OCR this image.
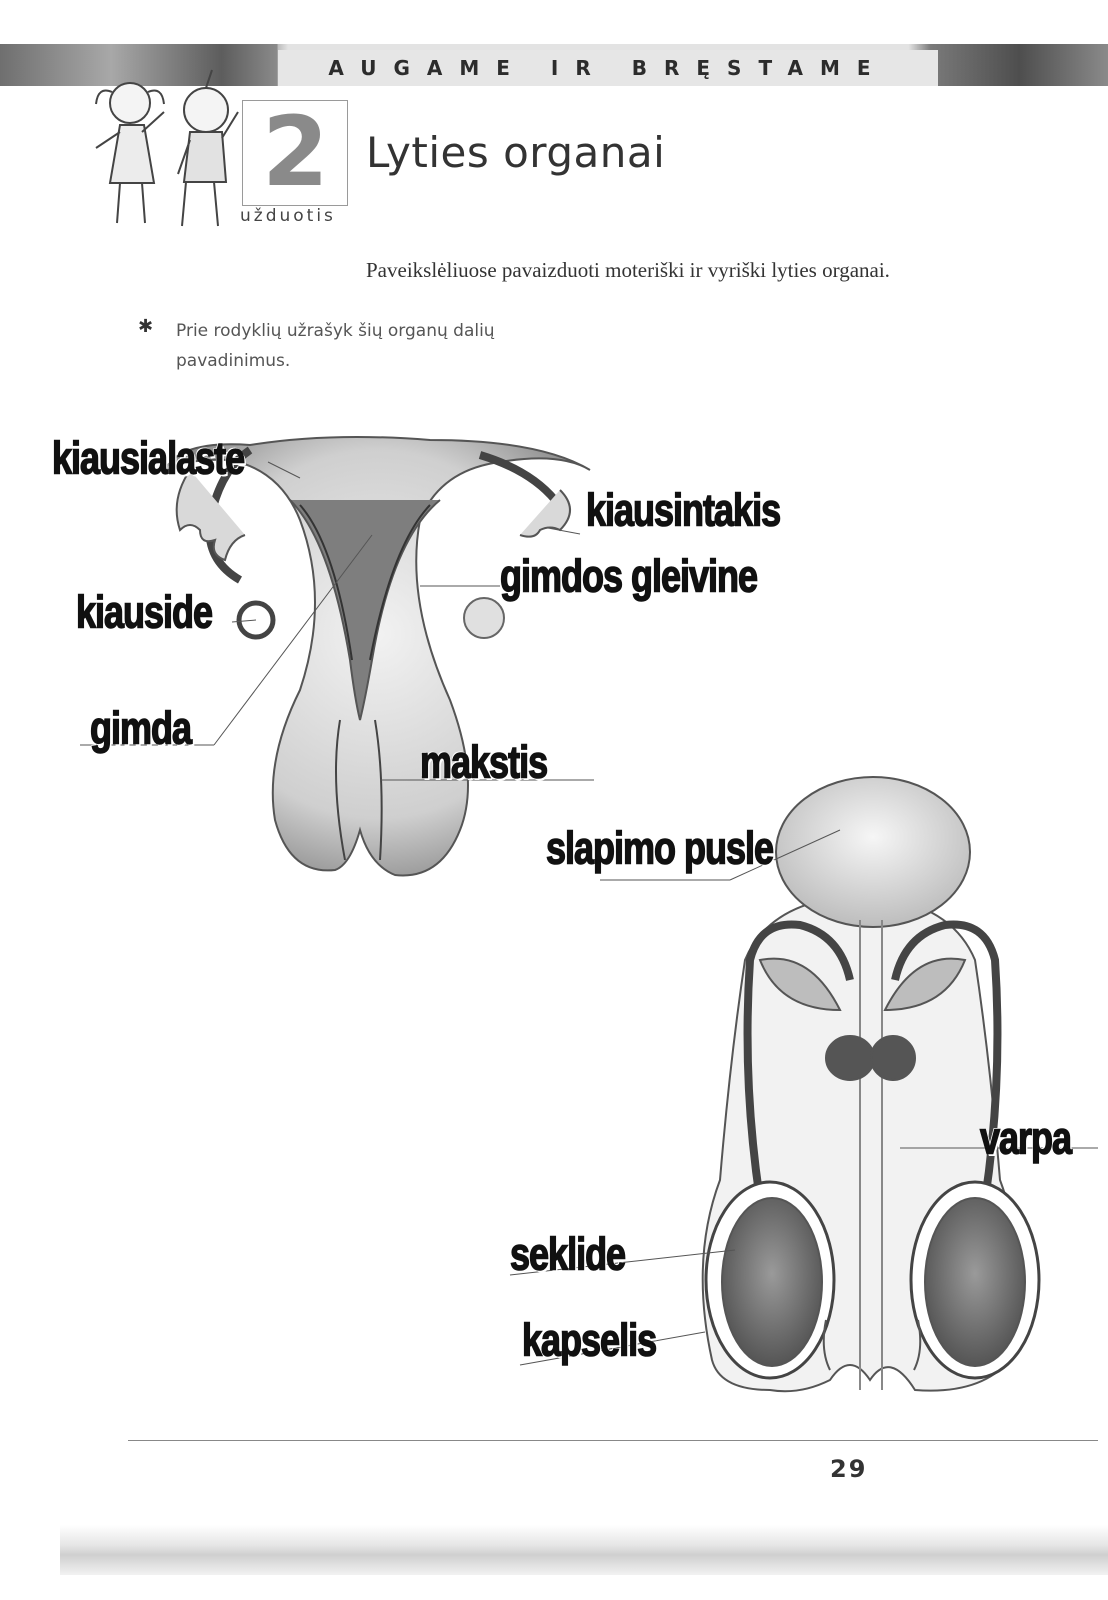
AUGAME IR BRĘSTAME
2
užduotis
Lyties organai
Paveikslėliuose pavaizduoti moteriški ir vyriški lyties organai.
✱ Prie rodyklių užrašyk šių organų dalių pavadinimus.
kiausialaste
kiausintakis
gimdos gleivine
kiauside
gimda
makstis
slapimo pusle
varpa
seklide
kapselis
29
